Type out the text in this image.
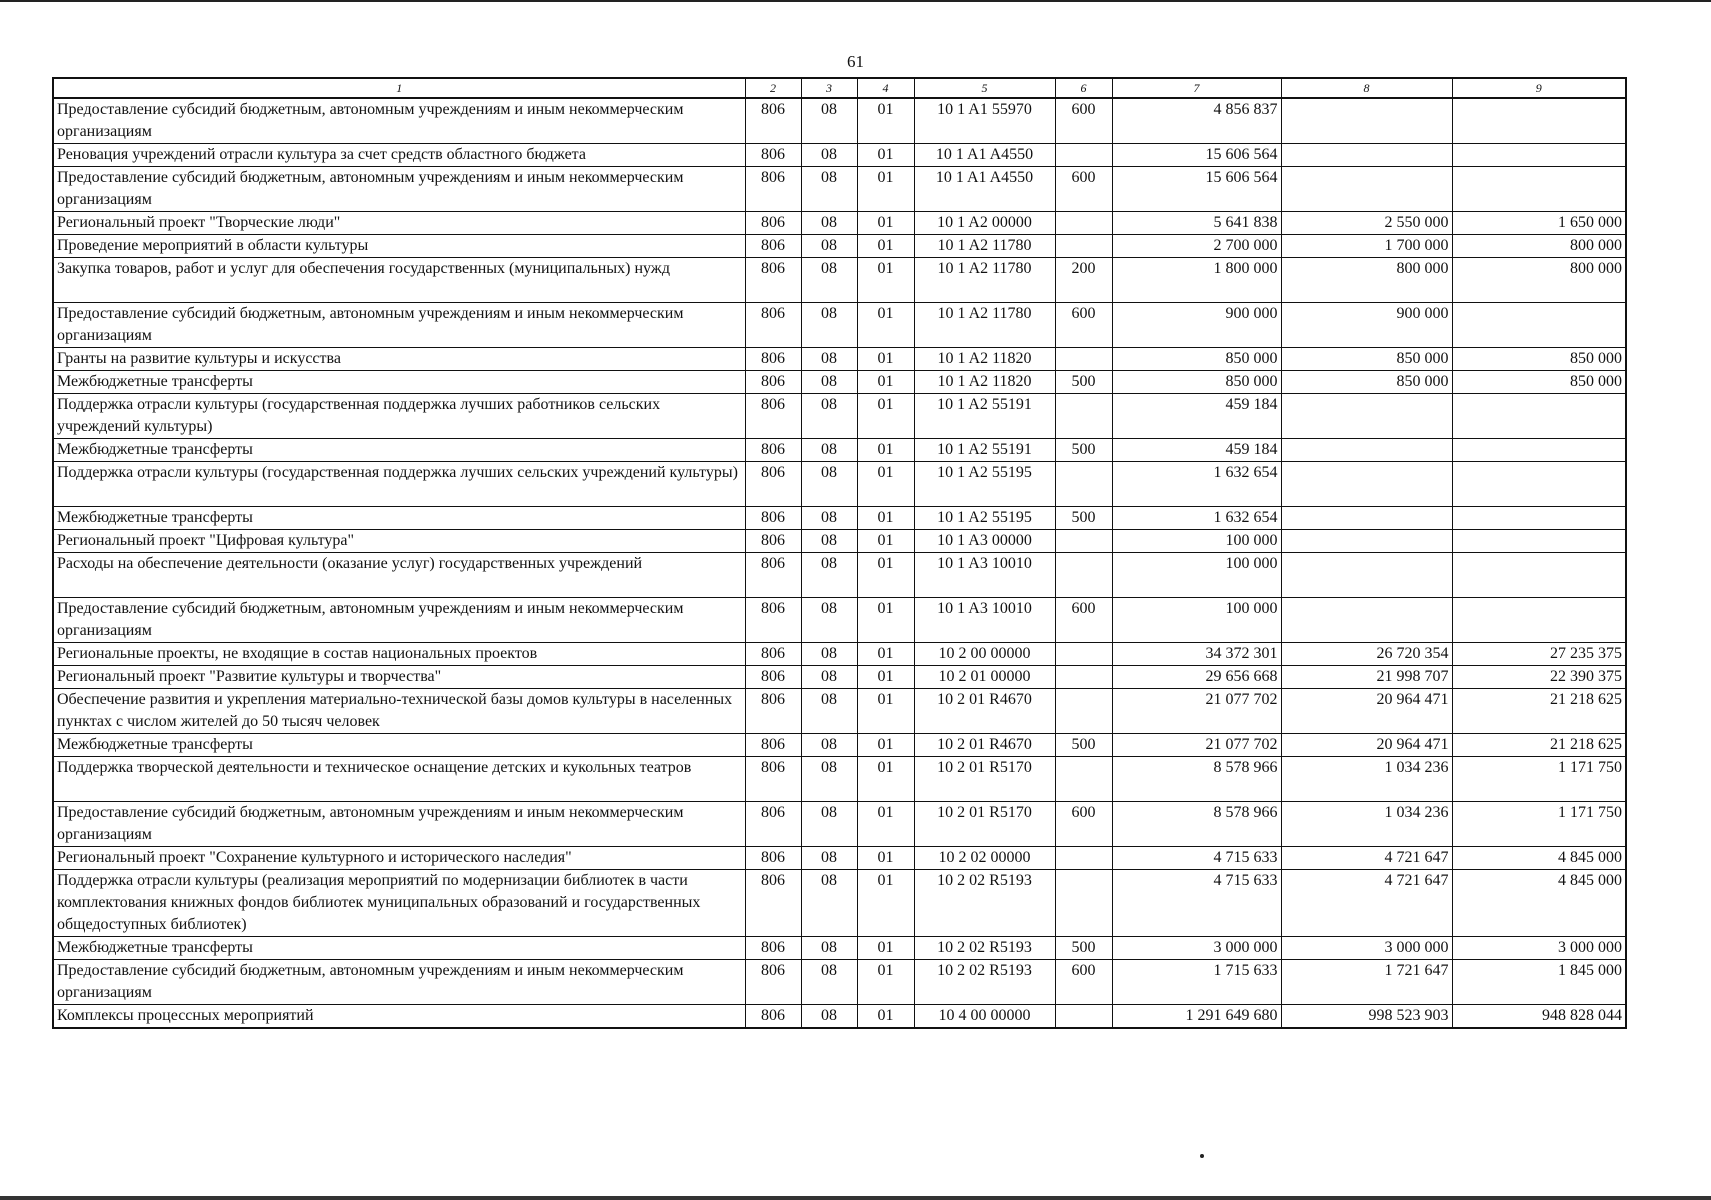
61
1	2	3	4	5	6	7	8	9
Предоставление субсидий бюджетным, автономным учреждениям и иным некоммерческим организациям	806	08	01	10 1 A1 55970	600	4 856 837		
Реновация учреждений отрасли культура за счет средств областного бюджета	806	08	01	10 1 A1 A4550		15 606 564		
Предоставление субсидий бюджетным, автономным учреждениям и иным некоммерческим организациям	806	08	01	10 1 A1 A4550	600	15 606 564		
Региональный проект "Творческие люди"	806	08	01	10 1 A2 00000		5 641 838	2 550 000	1 650 000
Проведение мероприятий в области культуры	806	08	01	10 1 A2 11780		2 700 000	1 700 000	800 000
Закупка товаров, работ и услуг для обеспечения государственных (муниципальных) нужд	806	08	01	10 1 A2 11780	200	1 800 000	800 000	800 000
Предоставление субсидий бюджетным, автономным учреждениям и иным некоммерческим организациям	806	08	01	10 1 A2 11780	600	900 000	900 000	
Гранты на развитие культуры и искусства	806	08	01	10 1 A2 11820		850 000	850 000	850 000
Межбюджетные трансферты	806	08	01	10 1 A2 11820	500	850 000	850 000	850 000
Поддержка отрасли культуры (государственная поддержка лучших работников сельских учреждений культуры)	806	08	01	10 1 A2 55191		459 184		
Межбюджетные трансферты	806	08	01	10 1 A2 55191	500	459 184		
Поддержка отрасли культуры (государственная поддержка лучших сельских учреждений культуры)	806	08	01	10 1 A2 55195		1 632 654		
Межбюджетные трансферты	806	08	01	10 1 A2 55195	500	1 632 654		
Региональный проект "Цифровая культура"	806	08	01	10 1 A3 00000		100 000		
Расходы на обеспечение деятельности (оказание услуг) государственных учреждений	806	08	01	10 1 A3 10010		100 000		
Предоставление субсидий бюджетным, автономным учреждениям и иным некоммерческим организациям	806	08	01	10 1 A3 10010	600	100 000		
Региональные проекты, не входящие в состав национальных проектов	806	08	01	10 2 00 00000		34 372 301	26 720 354	27 235 375
Региональный проект "Развитие культуры и творчества"	806	08	01	10 2 01 00000		29 656 668	21 998 707	22 390 375
Обеспечение развития и укрепления материально-технической базы домов культуры в населенных пунктах с числом жителей до 50 тысяч человек	806	08	01	10 2 01 R4670		21 077 702	20 964 471	21 218 625
Межбюджетные трансферты	806	08	01	10 2 01 R4670	500	21 077 702	20 964 471	21 218 625
Поддержка творческой деятельности и техническое оснащение детских и кукольных театров	806	08	01	10 2 01 R5170		8 578 966	1 034 236	1 171 750
Предоставление субсидий бюджетным, автономным учреждениям и иным некоммерческим организациям	806	08	01	10 2 01 R5170	600	8 578 966	1 034 236	1 171 750
Региональный проект "Сохранение культурного и исторического наследия"	806	08	01	10 2 02 00000		4 715 633	4 721 647	4 845 000
Поддержка отрасли культуры (реализация мероприятий по модернизации библиотек в части комплектования книжных фондов библиотек муниципальных образований и государственных общедоступных библиотек)	806	08	01	10 2 02 R5193		4 715 633	4 721 647	4 845 000
Межбюджетные трансферты	806	08	01	10 2 02 R5193	500	3 000 000	3 000 000	3 000 000
Предоставление субсидий бюджетным, автономным учреждениям и иным некоммерческим организациям	806	08	01	10 2 02 R5193	600	1 715 633	1 721 647	1 845 000
Комплексы процессных мероприятий	806	08	01	10 4 00 00000		1 291 649 680	998 523 903	948 828 044
